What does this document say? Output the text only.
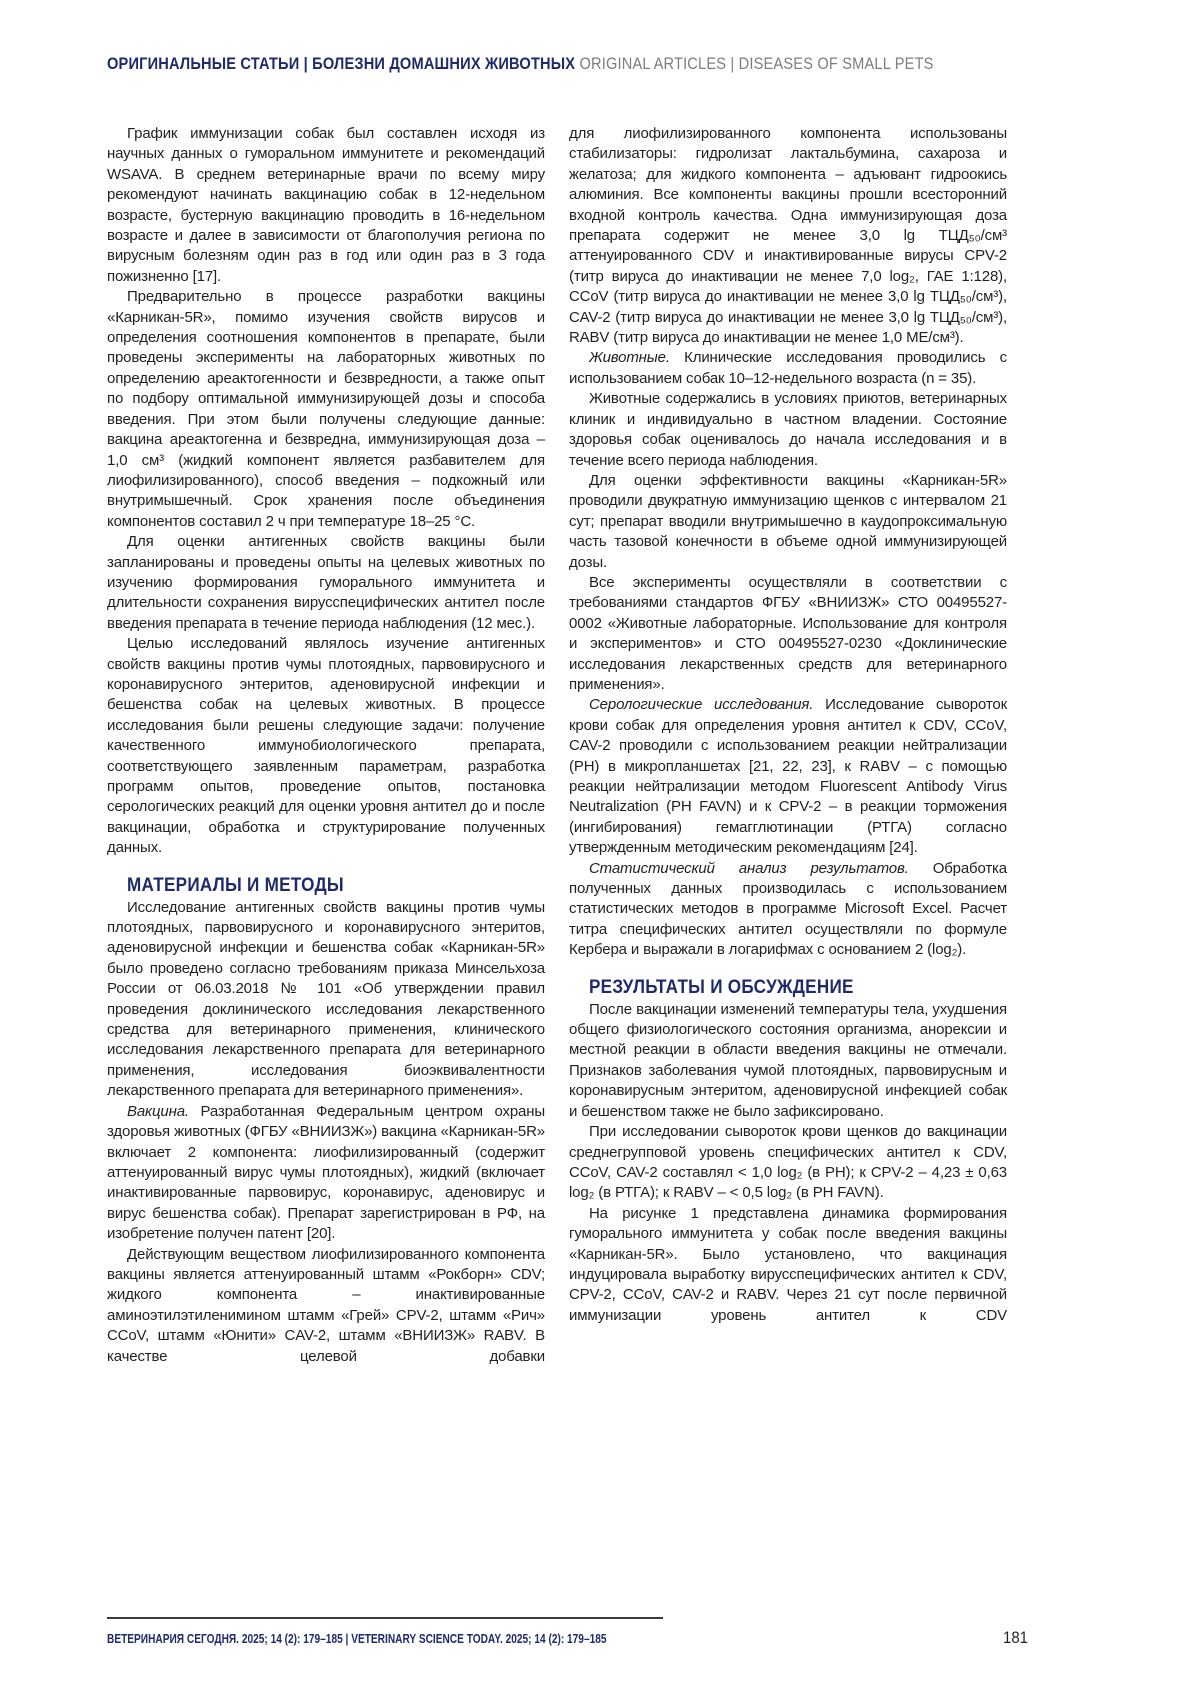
ОРИГИНАЛЬНЫЕ СТАТЬИ | БОЛЕЗНИ ДОМАШНИХ ЖИВОТНЫХ ORIGINAL ARTICLES | DISEASES OF SMALL PETS

График иммунизации собак был составлен исходя из научных данных о гуморальном иммунитете и рекомендаций WSAVA. В среднем ветеринарные врачи по всему миру рекомендуют начинать вакцинацию собак в 12-недельном возрасте, бустерную вакцинацию проводить в 16-недельном возрасте и далее в зависимости от благополучия региона по вирусным болезням один раз в год или один раз в 3 года пожизненно [17].

Предварительно в процессе разработки вакцины «Карникан-5R», помимо изучения свойств вирусов и определения соотношения компонентов в препарате, были проведены эксперименты на лабораторных животных по определению ареактогенности и безвредности, а также опыт по подбору оптимальной иммунизирующей дозы и способа введения. При этом были получены следующие данные: вакцина ареактогенна и безвредна, иммунизирующая доза – 1,0 см³ (жидкий компонент является разбавителем для лиофилизированного), способ введения – подкожный или внутримышечный. Срок хранения после объединения компонентов составил 2 ч при температуре 18–25 °C.

Для оценки антигенных свойств вакцины были запланированы и проведены опыты на целевых животных по изучению формирования гуморального иммунитета и длительности сохранения вирусспецифических антител после введения препарата в течение периода наблюдения (12 мес.).

Целью исследований являлось изучение антигенных свойств вакцины против чумы плотоядных, парвовирусного и коронавирусного энтеритов, аденовирусной инфекции и бешенства собак на целевых животных. В процессе исследования были решены следующие задачи: получение качественного иммунобиологического препарата, соответствующего заявленным параметрам, разработка программ опытов, проведение опытов, постановка серологических реакций для оценки уровня антител до и после вакцинации, обработка и структурирование полученных данных.

МАТЕРИАЛЫ И МЕТОДЫ

Исследование антигенных свойств вакцины против чумы плотоядных, парвовирусного и коронавирусного энтеритов, аденовирусной инфекции и бешенства собак «Карникан-5R» было проведено согласно требованиям приказа Минсельхоза России от 06.03.2018 № 101 «Об утверждении правил проведения доклинического исследования лекарственного средства для ветеринарного применения, клинического исследования лекарственного препарата для ветеринарного применения, исследования биоэквивалентности лекарственного препарата для ветеринарного применения».

Вакцина. Разработанная Федеральным центром охраны здоровья животных (ФГБУ «ВНИИЗЖ») вакцина «Карникан-5R» включает 2 компонента: лиофилизированный (содержит аттенуированный вирус чумы плотоядных), жидкий (включает инактивированные парвовирус, коронавирус, аденовирус и вирус бешенства собак). Препарат зарегистрирован в РФ, на изобретение получен патент [20].

Действующим веществом лиофилизированного компонента вакцины является аттенуированный штамм «Рокборн» CDV; жидкого компонента – инактивированные аминоэтилэтиленимином штамм «Грей» CPV-2, штамм «Рич» CCoV, штамм «Юнити» CAV-2, штамм «ВНИИЗЖ» RABV. В качестве целевой добавки

для лиофилизированного компонента использованы стабилизаторы: гидролизат лактальбумина, сахароза и желатоза; для жидкого компонента – адъювант гидроокись алюминия. Все компоненты вакцины прошли всесторонний входной контроль качества. Одна иммунизирующая доза препарата содержит не менее 3,0 lg ТЦД₅₀/см³ аттенуированного CDV и инактивированные вирусы CPV-2 (титр вируса до инактивации не менее 7,0 log₂, ГАЕ 1:128), CCoV (титр вируса до инактивации не менее 3,0 lg ТЦД₅₀/см³), CAV-2 (титр вируса до инактивации не менее 3,0 lg ТЦД₅₀/см³), RABV (титр вируса до инактивации не менее 1,0 МЕ/см³).

Животные. Клинические исследования проводились с использованием собак 10–12-недельного возраста (n = 35).

Животные содержались в условиях приютов, ветеринарных клиник и индивидуально в частном владении. Состояние здоровья собак оценивалось до начала исследования и в течение всего периода наблюдения.

Для оценки эффективности вакцины «Карникан-5R» проводили двукратную иммунизацию щенков с интервалом 21 сут; препарат вводили внутримышечно в каудопроксимальную часть тазовой конечности в объеме одной иммунизирующей дозы.

Все эксперименты осуществляли в соответствии с требованиями стандартов ФГБУ «ВНИИЗЖ» СТО 00495527-0002 «Животные лабораторные. Использование для контроля и экспериментов» и СТО 00495527-0230 «Доклинические исследования лекарственных средств для ветеринарного применения».

Серологические исследования. Исследование сывороток крови собак для определения уровня антител к CDV, CCoV, CAV-2 проводили с использованием реакции нейтрализации (РН) в микропланшетах [21, 22, 23], к RABV – с помощью реакции нейтрализации методом Fluorescent Antibody Virus Neutralization (РН FAVN) и к CPV-2 – в реакции торможения (ингибирования) гемагглютинации (РТГА) согласно утвержденным методическим рекомендациям [24].

Статистический анализ результатов. Обработка полученных данных производилась с использованием статистических методов в программе Microsoft Excel. Расчет титра специфических антител осуществляли по формуле Кербера и выражали в логарифмах с основанием 2 (log₂).

РЕЗУЛЬТАТЫ И ОБСУЖДЕНИЕ

После вакцинации изменений температуры тела, ухудшения общего физиологического состояния организма, анорексии и местной реакции в области введения вакцины не отмечали. Признаков заболевания чумой плотоядных, парвовирусным и коронавирусным энтеритом, аденовирусной инфекцией собак и бешенством также не было зафиксировано.

При исследовании сывороток крови щенков до вакцинации среднегрупповой уровень специфических антител к CDV, CCoV, CAV-2 составлял < 1,0 log₂ (в РН); к CPV-2 – 4,23 ± 0,63 log₂ (в РТГА); к RABV – < 0,5 log₂ (в РН FAVN).

На рисунке 1 представлена динамика формирования гуморального иммунитета у собак после введения вакцины «Карникан-5R». Было установлено, что вакцинация индуцировала выработку вирусспецифических антител к CDV, CPV-2, CCoV, CAV-2 и RABV. Через 21 сут после первичной иммунизации уровень антител к CDV

ВЕТЕРИНАРИЯ СЕГОДНЯ. 2025; 14 (2): 179–185 | VETERINARY SCIENCE TODAY. 2025; 14 (2): 179–185	181
